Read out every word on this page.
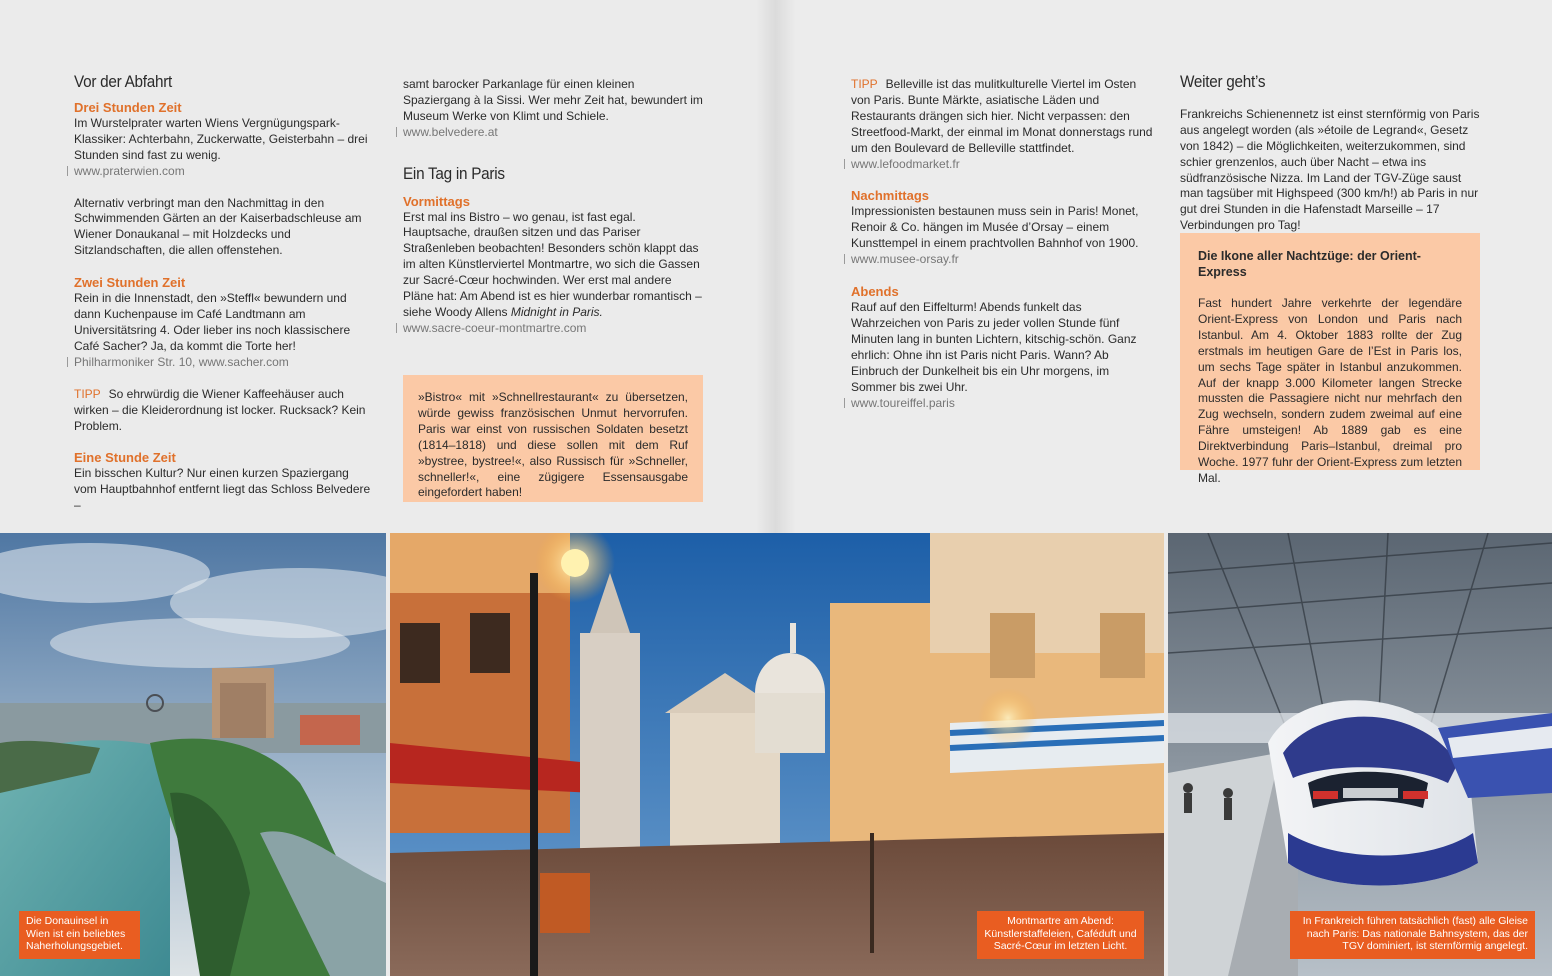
Vor der Abfahrt

Drei Stunden Zeit

Im Wurstelprater warten Wiens Vergnügungspark-Klassiker: Achterbahn, Zuckerwatte, Geisterbahn – drei Stunden sind fast zu wenig.

www.praterwien.com

Alternativ verbringt man den Nachmittag in den Schwimmenden Gärten an der Kaiserbadschleuse am Wiener Donaukanal – mit Holzdecks und Sitzlandschaften, die allen offenstehen.

Zwei Stunden Zeit

Rein in die Innenstadt, den »Steffl« bewundern und dann Kuchenpause im Café Landtmann am Universitätsring 4. Oder lieber ins noch klassischere Café Sacher? Ja, da kommt die Torte her!

Philharmoniker Str. 10, www.sacher.com

TIPP So ehrwürdig die Wiener Kaffeehäuser auch wirken – die Kleiderordnung ist locker. Rucksack? Kein Problem.

Eine Stunde Zeit

Ein bisschen Kultur? Nur einen kurzen Spaziergang vom Hauptbahnhof entfernt liegt das Schloss Belvedere –

samt barocker Parkanlage für einen kleinen Spaziergang à la Sissi. Wer mehr Zeit hat, bewundert im Museum Werke von Klimt und Schiele.

www.belvedere.at

Ein Tag in Paris

Vormittags

Erst mal ins Bistro – wo genau, ist fast egal. Hauptsache, draußen sitzen und das Pariser Straßenleben beobachten! Besonders schön klappt das im alten Künstlerviertel Montmartre, wo sich die Gassen zur Sacré-Cœur hochwinden. Wer erst mal andere Pläne hat: Am Abend ist es hier wunderbar romantisch – siehe Woody Allens Midnight in Paris.

www.sacre-coeur-montmartre.com

»Bistro« mit »Schnellrestaurant« zu übersetzen, würde gewiss französischen Unmut hervorrufen. Paris war einst von russischen Soldaten besetzt (1814–1818) und diese sollen mit dem Ruf »bystree, bystree!«, also Russisch für »Schneller, schneller!«, eine zügigere Essensausgabe eingefordert haben!

TIPP Belleville ist das mulitkulturelle Viertel im Osten von Paris. Bunte Märkte, asiatische Läden und Restaurants drängen sich hier. Nicht verpassen: den Streetfood-Markt, der einmal im Monat donnerstags rund um den Boulevard de Belleville stattfindet.

www.lefoodmarket.fr

Nachmittags

Impressionisten bestaunen muss sein in Paris! Monet, Renoir & Co. hängen im Musée d’Orsay – einem Kunsttempel in einem prachtvollen Bahnhof von 1900.

www.musee-orsay.fr

Abends

Rauf auf den Eiffelturm! Abends funkelt das Wahrzeichen von Paris zu jeder vollen Stunde fünf Minuten lang in bunten Lichtern, kitschig-schön. Ganz ehrlich: Ohne ihn ist Paris nicht Paris. Wann? Ab Einbruch der Dunkelheit bis ein Uhr morgens, im Sommer bis zwei Uhr.

www.toureiffel.paris

Weiter geht’s

Frankreichs Schienennetz ist einst sternförmig von Paris aus angelegt worden (als »étoile de Legrand«, Gesetz von 1842) – die Möglichkeiten, weiterzukommen, sind schier grenzenlos, auch über Nacht – etwa ins südfranzösische Nizza. Im Land der TGV-Züge saust man tagsüber mit Highspeed (300 km/h!) ab Paris in nur gut drei Stunden in die Hafenstadt Marseille – 17 Verbindungen pro Tag!

Die Ikone aller Nachtzüge: der Orient-Express

Fast hundert Jahre verkehrte der legendäre Orient-Express von London und Paris nach Istanbul. Am 4. Oktober 1883 rollte der Zug erstmals im heutigen Gare de l’Est in Paris los, um sechs Tage später in Istanbul anzukommen. Auf der knapp 3.000 Kilometer langen Strecke mussten die Passagiere nicht nur mehrfach den Zug wechseln, sondern zudem zweimal auf eine Fähre umsteigen! Ab 1889 gab es eine Direktverbindung Paris–Istanbul, dreimal pro Woche. 1977 fuhr der Orient-Express zum letzten Mal.

Die Donauinsel in Wien ist ein beliebtes Naherholungsgebiet.
Montmartre am Abend: Künstlerstaffeleien, Caféduft und Sacré-Cœur im letzten Licht.
In Frankreich führen tatsächlich (fast) alle Gleise nach Paris: Das nationale Bahnsystem, das der TGV dominiert, ist sternförmig angelegt.
